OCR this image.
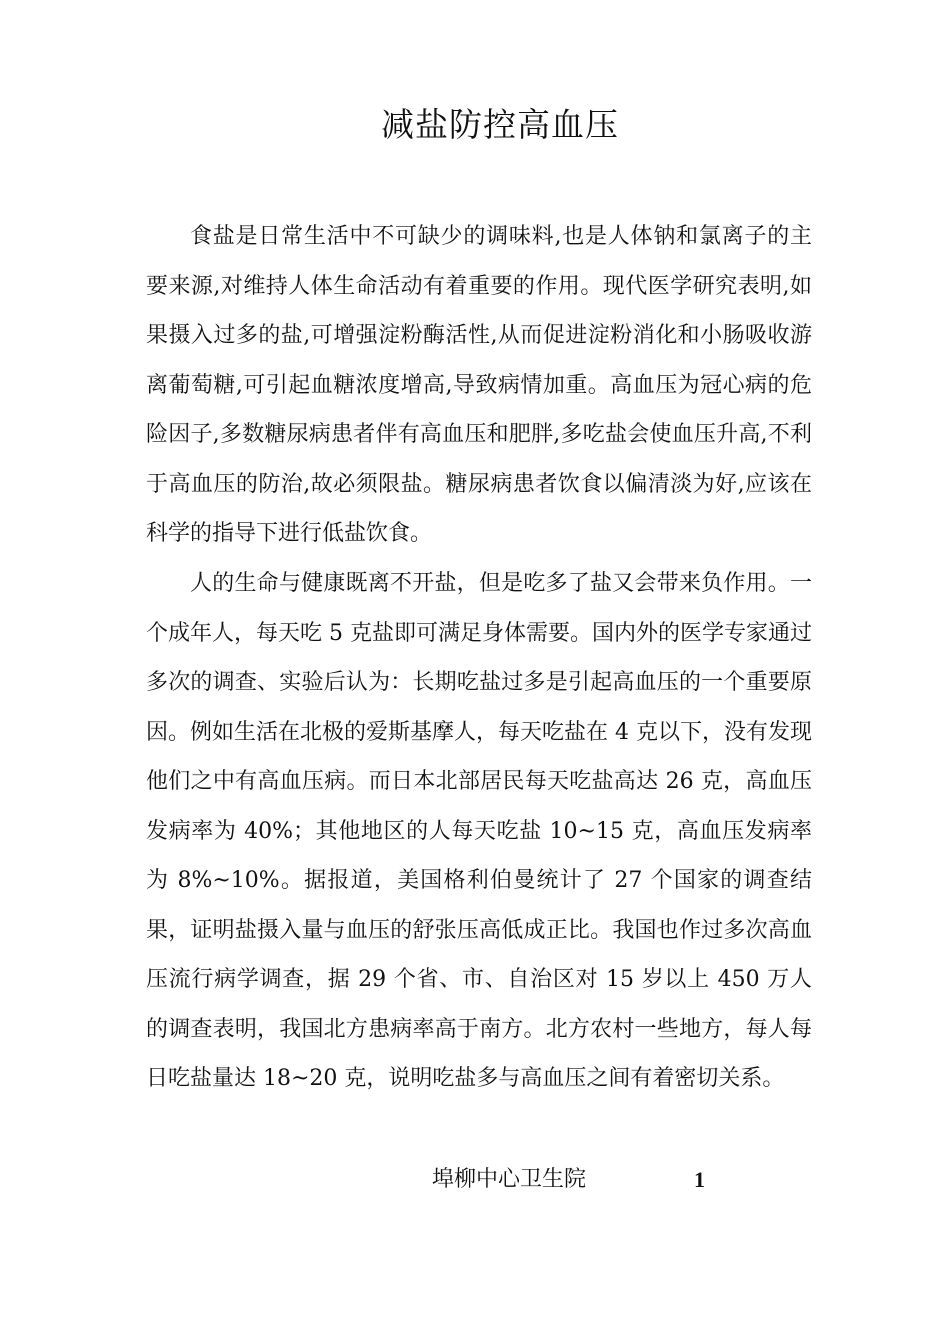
减盐防控高血压

食盐是日常生活中不可缺少的调味料,也是人体钠和氯离子的主要来源,对维持人体生命活动有着重要的作用。现代医学研究表明,如果摄入过多的盐,可增强淀粉酶活性,从而促进淀粉消化和小肠吸收游离葡萄糖,可引起血糖浓度增高,导致病情加重。高血压为冠心病的危险因子,多数糖尿病患者伴有高血压和肥胖,多吃盐会使血压升高,不利于高血压的防治,故必须限盐。糖尿病患者饮食以偏清淡为好,应该在科学的指导下进行低盐饮食。

人的生命与健康既离不开盐，但是吃多了盐又会带来负作用。一个成年人，每天吃 5 克盐即可满足身体需要。国内外的医学专家通过多次的调查、实验后认为：长期吃盐过多是引起高血压的一个重要原因。例如生活在北极的爱斯基摩人，每天吃盐在 4 克以下，没有发现他们之中有高血压病。而日本北部居民每天吃盐高达 26 克，高血压发病率为 40%；其他地区的人每天吃盐 10~15 克，高血压发病率为 8%~10%。据报道，美国格利伯曼统计了 27 个国家的调查结果，证明盐摄入量与血压的舒张压高低成正比。我国也作过多次高血压流行病学调查，据 29 个省、市、自治区对 15 岁以上 450 万人的调查表明，我国北方患病率高于南方。北方农村一些地方，每人每日吃盐量达 18~20 克，说明吃盐多与高血压之间有着密切关系。

埠柳中心卫生院	1
